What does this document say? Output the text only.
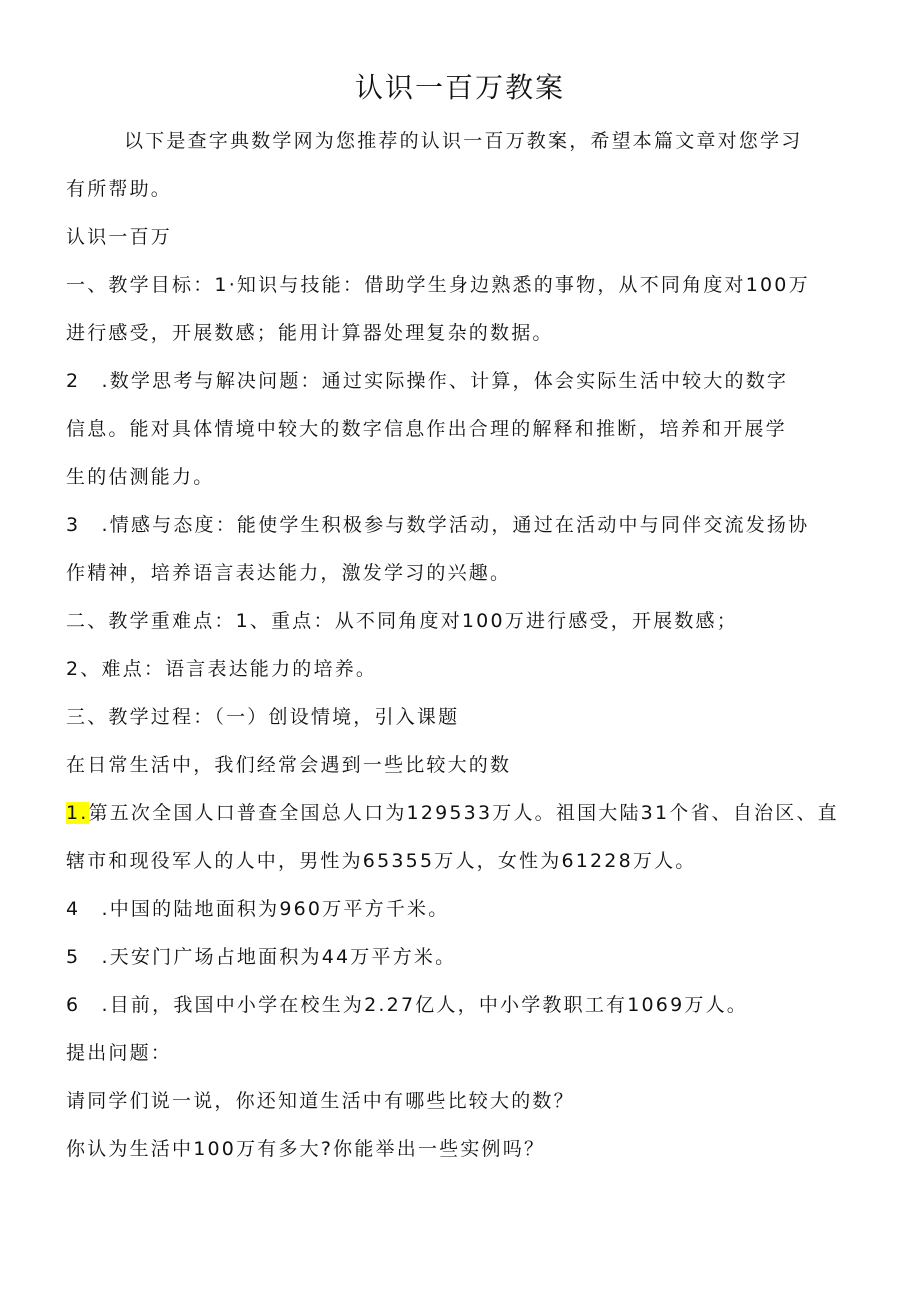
认识一百万教案
以下是查字典数学网为您推荐的认识一百万教案，希望本篇文章对您学习
有所帮助。
认识一百万
一、教学目标：1·知识与技能：借助学生身边熟悉的事物，从不同角度对100万
进行感受，开展数感；能用计算器处理复杂的数据。
2　.数学思考与解决问题：通过实际操作、计算，体会实际生活中较大的数字
信息。能对具体情境中较大的数字信息作出合理的解释和推断，培养和开展学
生的估测能力。
3　.情感与态度：能使学生积极参与数学活动，通过在活动中与同伴交流发扬协
作精神，培养语言表达能力，激发学习的兴趣。
二、教学重难点：1、重点：从不同角度对100万进行感受，开展数感；
2、难点：语言表达能力的培养。
三、教学过程：（一）创设情境，引入课题
在日常生活中，我们经常会遇到一些比较大的数
1.第五次全国人口普查全国总人口为129533万人。祖国大陆31个省、自治区、直
辖市和现役军人的人中，男性为65355万人，女性为61228万人。
4　.中国的陆地面积为960万平方千米。
5　.天安门广场占地面积为44万平方米。
6　.目前，我国中小学在校生为2.27亿人，中小学教职工有1069万人。
提出问题：
请同学们说一说，你还知道生活中有哪些比较大的数？
你认为生活中100万有多大?你能举出一些实例吗？
